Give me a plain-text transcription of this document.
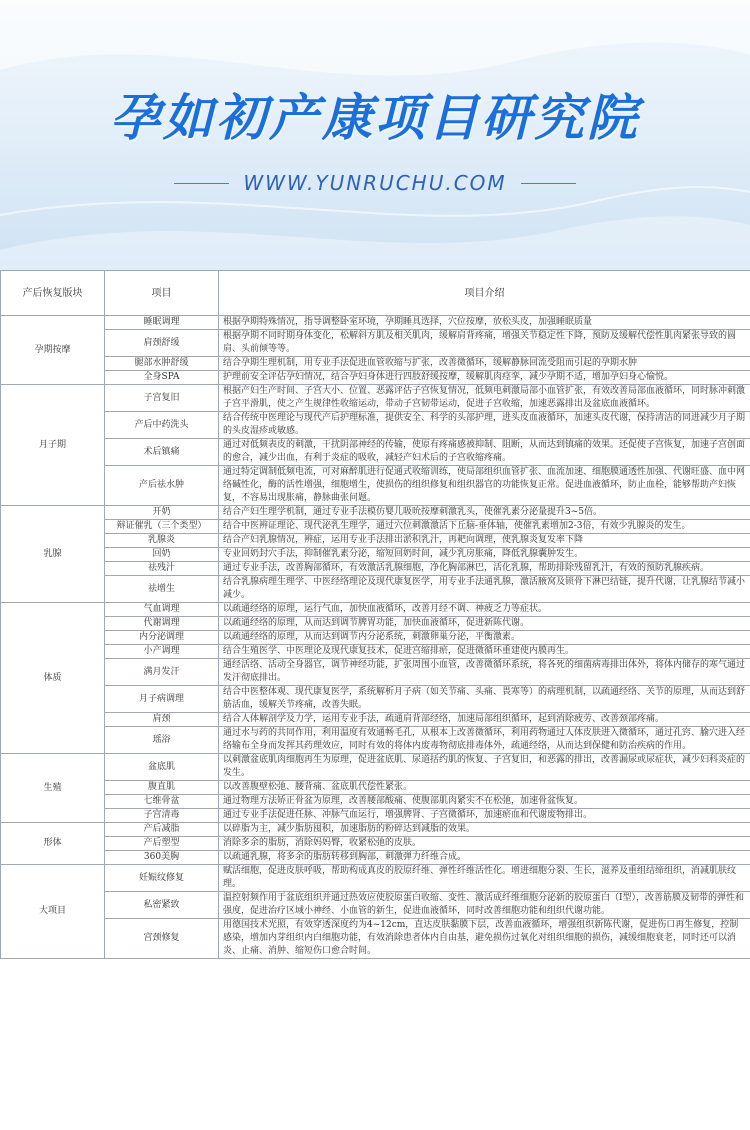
孕如初产康项目研究院
WWW.YUNRUCHU.COM
产后恢复版块	项目	项目介绍
孕期按摩	睡眠调理	根据孕期特殊情况，指导调整卧室环境，孕期睡具选择，穴位按摩，放松头皮，加强睡眠质量
	肩颈舒缓	根据孕期不同时期身体变化，松解斜方肌及相关肌肉，缓解肩背疼痛，增强关节稳定性下降，预防及缓解代偿性肌肉紧张导致的圆肩、头前倾等等。
	腿部水肿舒缓	结合孕期生理机制，用专业手法促进血管收缩与扩张，改善微循环，缓解静脉回流受阻而引起的孕期水肿
	全身SPA	护理前安全评估孕妇情况，结合孕妇身体进行四肢舒缓按摩，缓解肌肉痉挛，减少孕期不适，增加孕妇身心愉悦。
月子期	子宫复旧	根据产妇生产时间、子宫大小、位置、恶露评估子宫恢复情况，低频电刺激局部小血管扩张，有效改善局部血液循环，同时脉冲刺激子宫平滑肌，使之产生规律性收缩运动，带动子宫韧带运动，促进子宫收缩，加速恶露排出及盆底血液循环。
	产后中药洗头	结合传统中医理论与现代产后护理标准，提供安全、科学的头部护理，进头皮血液循环，加速头皮代谢，保持清洁的同进减少月子期的头皮湿疹或敏感。
	术后镇痛	通过对低频表皮的刺激，干扰阴部神经的传输，使原有疼痛感被抑制、阻断，从而达到镇痛的效果。还促使子宫恢复，加速子宫创面的愈合，减少出血，有利于炎症的吸收，减轻产妇术后的子宫收缩疼痛。
	产后祛水肿	通过特定调制低频电流，可对麻醉肌进行促通式收缩训练，使局部组织血管扩张、血流加速、细胞膜通透性加强、代谢旺盛、血中网络碱性化，酶的活性增强，细胞增生，使损伤的组织修复和组织器官的功能恢复正常。促进血液循环，防止血栓，能够帮助产妇恢复，不容易出现胀痛，静脉曲张问题。
乳腺	开奶	结合产妇生理学机制，通过专业手法模仿婴儿吸吮按摩刺激乳头，使催乳素分泌量提升3~5倍。
	辩证催乳（三个类型）	结合中医辨证理论、现代泌乳生理学，通过穴位刺激激活下丘脑-垂体轴，使催乳素增加2-3倍，有效少乳腺炎的发生。
	乳腺炎	结合产妇乳腺情况，辨症，运用专业手法排出淤积乳汁，再耙向调理，使乳腺炎复发率下降
	回奶	专业回奶封穴手法，抑制催乳素分泌，缩短回奶时间，减少乳房胀痛，降低乳腺囊肿发生。
	祛残汁	通过专业手法，改善胸部循环，有效激活乳腺细胞，净化胸部淋巴，活化乳腺，帮助排除残留乳汁，有效的预防乳腺疾病。
	祛增生	结合乳腺病理生理学、中医经络理论及现代康复医学，用专业手法通乳腺，激活腋窝及锁骨下淋巴结链，提升代谢，让乳腺结节减小减少。
体质	气血调理	以疏通经络的原理，运行气血，加快血液循环，改善月经不调、神疲乏力等症状。
	代谢调理	以疏通经络的原理，从而达到调节脾胃功能，加快血液循环，促进新陈代谢。
	内分泌调理	以疏通经络的原理，从而达到调节内分泌系统，刺激卵巢分泌，平衡激素。
	小产调理	结合生殖医学、中医理论及现代康复技术，促进宫缩排瘀，促进微循环重建使内膜再生。
	满月发汗	通经活络、活动全身器官，调节神经功能，扩张周围小血管，改善微循环系统，将各死的细菌病毒排出体外，将体内储存的寒气通过发汗彻底排出。
	月子病调理	结合中医整体观、现代康复医学，系统解析月子病（如关节痛、头痛、畏寒等）的病理机制，以疏通经络、关节的原理，从而达到舒筋活血，缓解关节疼痛，改善失眠。
	肩颈	结合人体解剖学及力学，运用专业手法，疏通肩背部经络，加速局部组织循环，起到消除疲劳、改善颈部疼痛。
	瑶浴	通过水与药的共同作用，利用温度有效通畅毛孔，从根本上改善微循环，利用药物通过人体皮肤进入微循环，通过孔窍、腧穴进入经络输布全身而发挥其药理效应，同时有效的将体内废毒物彻底排毒体外，疏通经络，从而达到保健和防治疾病的作用。
生殖	盆底肌	以刺激盆底肌肉细胞再生为原理，促进盆底肌、尿道括约肌的恢复、子宫复旧，和恶露的排出，改善漏尿或尿症状，减少妇科炎症的发生。
	腹直肌	以改善腹壁松弛、腰背痛、盆底肌代偿性紧张。
	七维骨盆	通过物理方法矫正骨盆为原理，改善腰部酸痛、使腹部肌肉紧实不在松弛，加速骨盆恢复。
	子宫清毒	通过专业手法促进任脉、冲脉气血运行，增强脾肾、子宫微循环，加速瘀血和代谢废物排出。
形体	产后减脂	以碎脂为主，减少脂肪囤积，加速脂肪的粉碎达到减脂的效果。
	产后塑型	消除多余的脂肪，消除妈妈臀，收紧松弛的皮肤。
	360美胸	以疏通乳腺，将多余的脂肪转移到胸部，刺激弹力纤维合成。
大项目	妊娠纹修复	赋活细胞，促进皮肤呼吸，帮助构成真皮的胶原纤维、弹性纤维活性化。增进细胞分裂、生长，滋养及重组结缔组织，消减肌肤纹理。
	私密紧致	温控射频作用于盆底组织并通过热效应使胶原蛋白收缩、变性、激活成纤维细胞分泌新的胶原蛋白（Ⅰ型），改善筋膜及韧带的弹性和强度，促进治疗区域小神经、小血管的新生，促进血液循环，同时改善细胞功能和组织代谢功能。
	宫颈修复	用德国技术光照，有效穿透深度约为4~12cm，直达皮肤黏膜下层，改善血液循环，增强组织新陈代谢，促进伤口再生修复，控制感染，增加内芽组织内白细胞功能，有效消除患者体内自由基，避免损伤过氧化对组织细胞的损伤，减缓细胞衰老，同时还可以消炎、止痛、消肿、缩短伤口愈合时间。
